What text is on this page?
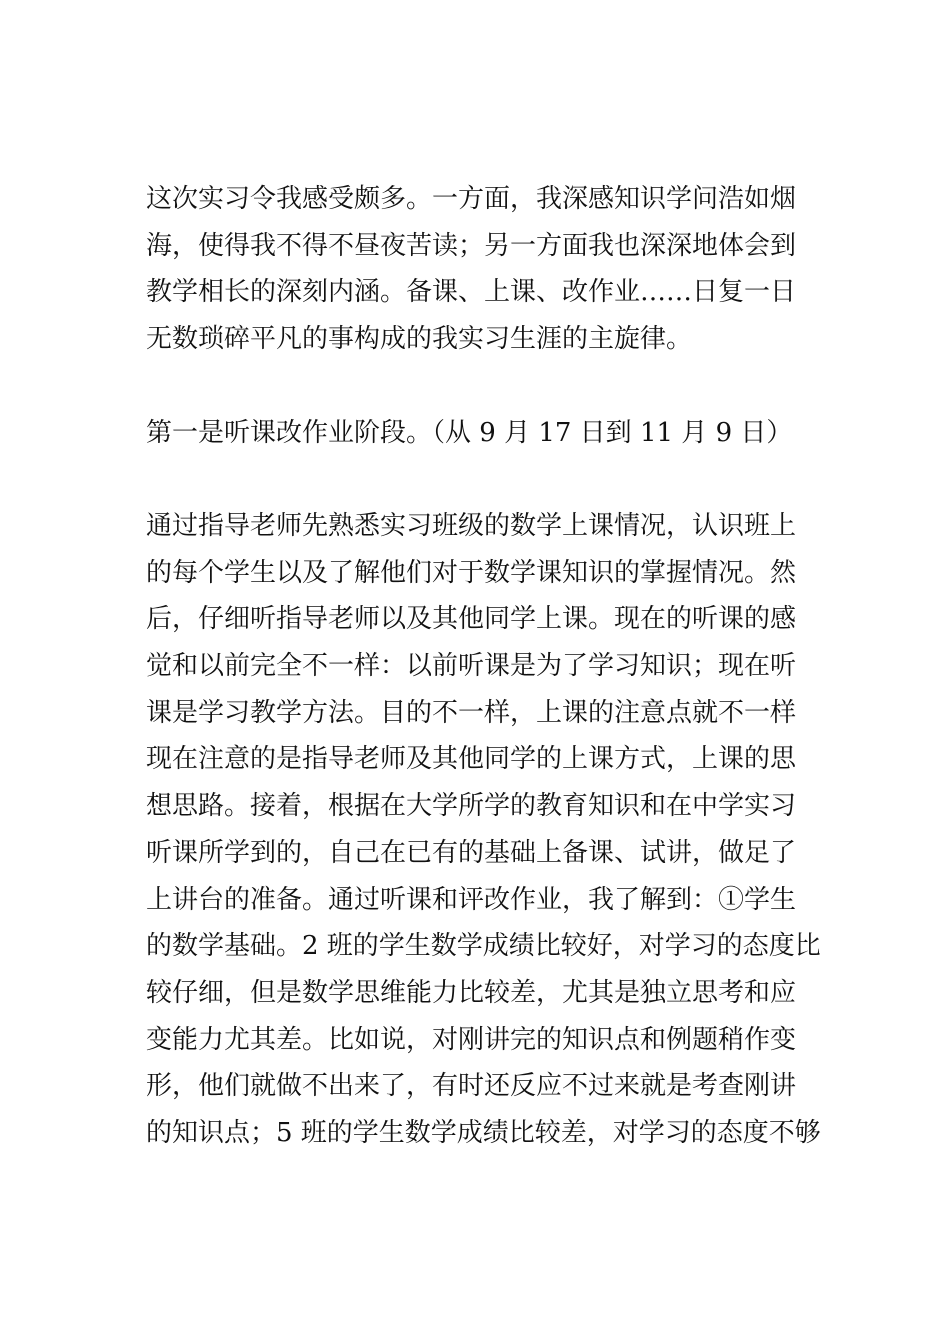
这次实习令我感受颇多。一方面，我深感知识学问浩如烟
海，使得我不得不昼夜苦读；另一方面我也深深地体会到
教学相长的深刻内涵。备课、上课、改作业……日复一日
无数琐碎平凡的事构成的我实习生涯的主旋律。

第一是听课改作业阶段。（从 9 月 17 日到 11 月 9 日）

通过指导老师先熟悉实习班级的数学上课情况，认识班上
的每个学生以及了解他们对于数学课知识的掌握情况。然
后，仔细听指导老师以及其他同学上课。现在的听课的感
觉和以前完全不一样：以前听课是为了学习知识；现在听
课是学习教学方法。目的不一样，上课的注意点就不一样
现在注意的是指导老师及其他同学的上课方式，上课的思
想思路。接着，根据在大学所学的教育知识和在中学实习
听课所学到的，自己在已有的基础上备课、试讲，做足了
上讲台的准备。通过听课和评改作业，我了解到：①学生
的数学基础。2 班的学生数学成绩比较好，对学习的态度比
较仔细，但是数学思维能力比较差，尤其是独立思考和应
变能力尤其差。比如说，对刚讲完的知识点和例题稍作变
形，他们就做不出来了，有时还反应不过来就是考查刚讲
的知识点；5 班的学生数学成绩比较差，对学习的态度不够
